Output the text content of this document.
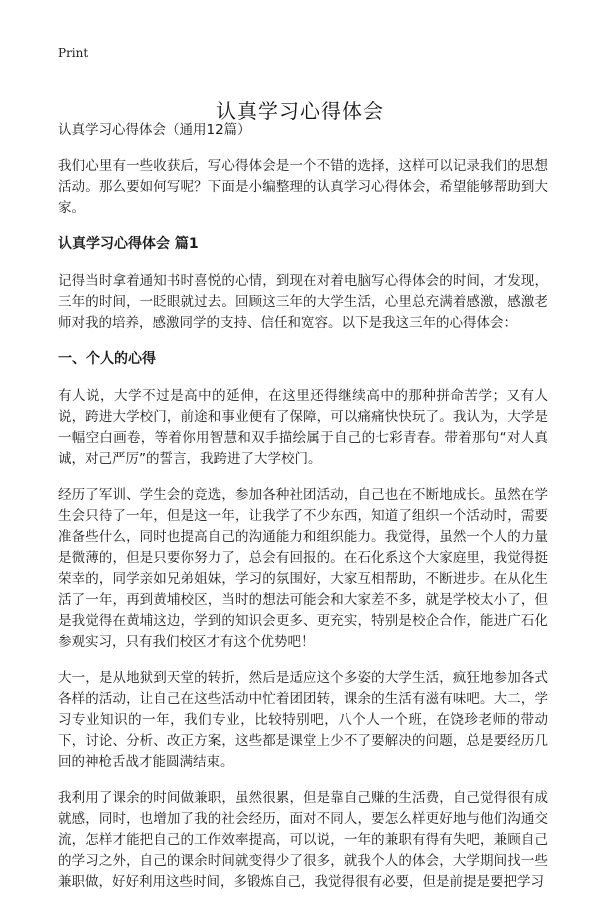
Print
认真学习心得体会

认真学习心得体会（通用12篇）

我们心里有一些收获后，写心得体会是一个不错的选择，这样可以记录我们的思想活动。那么要如何写呢？下面是小编整理的认真学习心得体会，希望能够帮助到大家。

认真学习心得体会 篇1

记得当时拿着通知书时喜悦的心情，到现在对着电脑写心得体会的时间，才发现，三年的时间，一眨眼就过去。回顾这三年的大学生活，心里总充满着感激，感激老师对我的培养，感激同学的支持、信任和宽容。以下是我这三年的心得体会：

一、个人的心得

有人说，大学不过是高中的延伸，在这里还得继续高中的那种拼命苦学；又有人说，跨进大学校门，前途和事业便有了保障，可以痛痛快快玩了。我认为，大学是一幅空白画卷，等着你用智慧和双手描绘属于自己的七彩青春。带着那句“对人真诚，对己严厉”的誓言，我跨进了大学校门。

经历了军训、学生会的竞选，参加各种社团活动，自己也在不断地成长。虽然在学生会只待了一年，但是这一年，让我学了不少东西，知道了组织一个活动时，需要准备些什么，同时也提高自己的沟通能力和组织能力。我觉得，虽然一个人的力量是微薄的，但是只要你努力了，总会有回报的。在石化系这个大家庭里，我觉得挺荣幸的，同学亲如兄弟姐妹，学习的氛围好，大家互相帮助，不断进步。在从化生活了一年，再到黄埔校区，当时的想法可能会和大家差不多，就是学校太小了，但是我觉得在黄埔这边，学到的知识会更多、更充实，特别是校企合作，能进广石化参观实习，只有我们校区才有这个优势吧！

大一，是从地狱到天堂的转折，然后是适应这个多姿的大学生活，疯狂地参加各式各样的活动，让自己在这些活动中忙着团团转，课余的生活有滋有味吧。大二，学习专业知识的一年，我们专业，比较特别吧，八个人一个班，在饶珍老师的带动下，讨论、分析、改正方案，这些都是课堂上少不了要解决的问题，总是要经历几回的神枪舌战才能圆满结束。

我利用了课余的时间做兼职，虽然很累，但是靠自己赚的生活费，自己觉得很有成就感，同时，也增加了我的社会经历，面对不同人，要怎么样更好地与他们沟通交流，怎样才能把自己的工作效率提高，可以说，一年的兼职有得有失吧，兼顾自己的学习之外，自己的课余时间就变得少了很多，就我个人的体会，大学期间找一些兼职做，好好利用这些时间，多锻炼自己，我觉得很有必要，但是前提是要把学习
